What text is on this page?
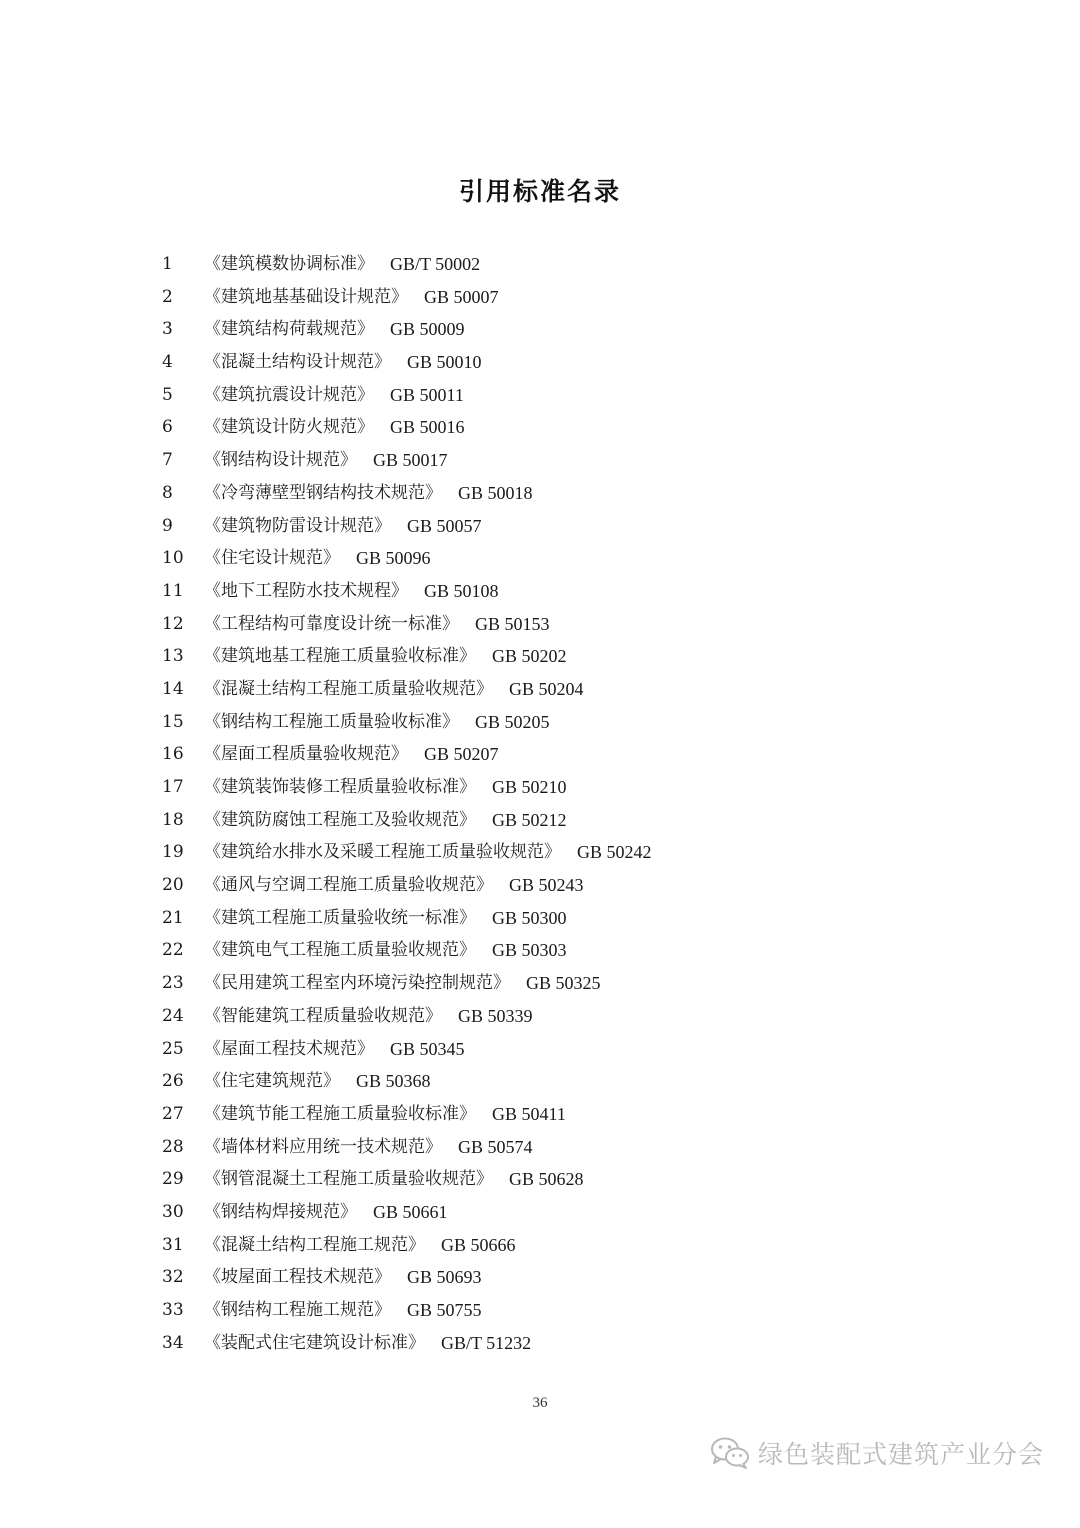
引用标准名录
1	《建筑模数协调标准》 GB/T 50002
2	《建筑地基基础设计规范》 GB 50007
3	《建筑结构荷载规范》 GB 50009
4	《混凝土结构设计规范》 GB 50010
5	《建筑抗震设计规范》 GB 50011
6	《建筑设计防火规范》 GB 50016
7	《钢结构设计规范》 GB 50017
8	《冷弯薄壁型钢结构技术规范》 GB 50018
9	《建筑物防雷设计规范》 GB 50057
10	《住宅设计规范》 GB 50096
11	《地下工程防水技术规程》 GB 50108
12	《工程结构可靠度设计统一标准》 GB 50153
13	《建筑地基工程施工质量验收标准》 GB 50202
14	《混凝土结构工程施工质量验收规范》 GB 50204
15	《钢结构工程施工质量验收标准》 GB 50205
16	《屋面工程质量验收规范》 GB 50207
17	《建筑装饰装修工程质量验收标准》 GB 50210
18	《建筑防腐蚀工程施工及验收规范》 GB 50212
19	《建筑给水排水及采暖工程施工质量验收规范》 GB 50242
20	《通风与空调工程施工质量验收规范》 GB 50243
21	《建筑工程施工质量验收统一标准》 GB 50300
22	《建筑电气工程施工质量验收规范》 GB 50303
23	《民用建筑工程室内环境污染控制规范》 GB 50325
24	《智能建筑工程质量验收规范》 GB 50339
25	《屋面工程技术规范》 GB 50345
26	《住宅建筑规范》 GB 50368
27	《建筑节能工程施工质量验收标准》 GB 50411
28	《墙体材料应用统一技术规范》 GB 50574
29	《钢管混凝土工程施工质量验收规范》 GB 50628
30	《钢结构焊接规范》 GB 50661
31	《混凝土结构工程施工规范》 GB 50666
32	《坡屋面工程技术规范》 GB 50693
33	《钢结构工程施工规范》 GB 50755
34	《装配式住宅建筑设计标准》 GB/T 51232
36
绿色装配式建筑产业分会
